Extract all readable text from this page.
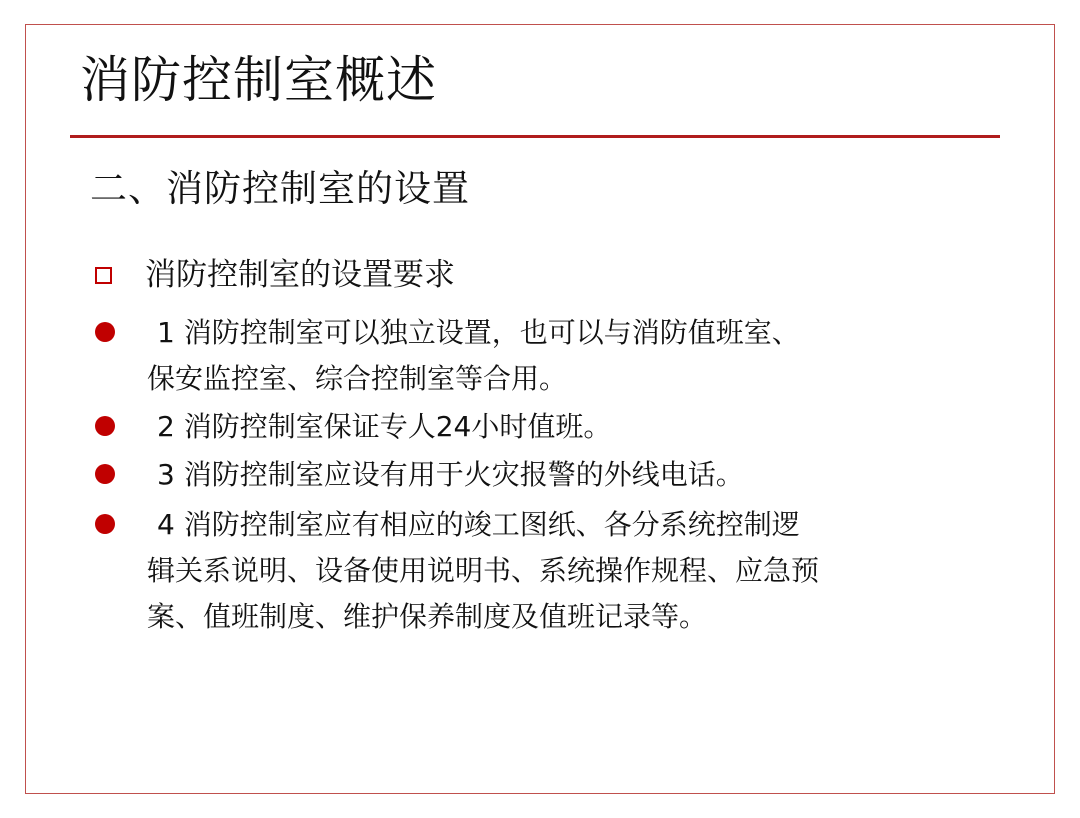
消防控制室概述
二、消防控制室的设置
消防控制室的设置要求
1 消防控制室可以独立设置，也可以与消防值班室、
保安监控室、综合控制室等合用。
2 消防控制室保证专人24小时值班。
3 消防控制室应设有用于火灾报警的外线电话。
4 消防控制室应有相应的竣工图纸、各分系统控制逻
辑关系说明、设备使用说明书、系统操作规程、应急预
案、值班制度、维护保养制度及值班记录等。
